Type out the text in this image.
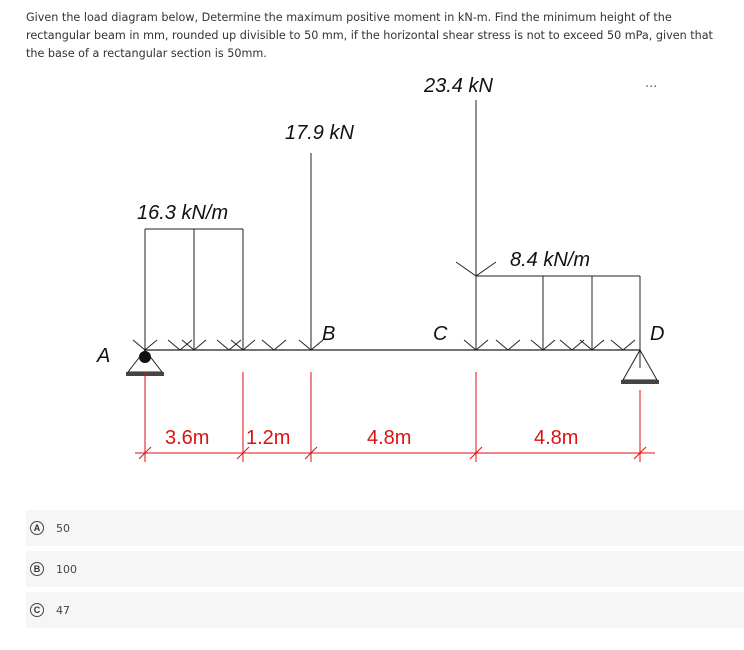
Given the load diagram below, Determine the maximum positive moment in kN-m. Find the minimum height of the rectangular beam in mm, rounded up divisible to 50 mm, if the horizontal shear stress is not to exceed 50 mPa, given that the base of a rectangular section is 50mm.
...
16.3 kN/m
17.9 kN
23.4 kN
8.4 kN/m
A
B	C	D
3.6m 1.2m	4.8m	4.8m
A	50
B	100
C	47
